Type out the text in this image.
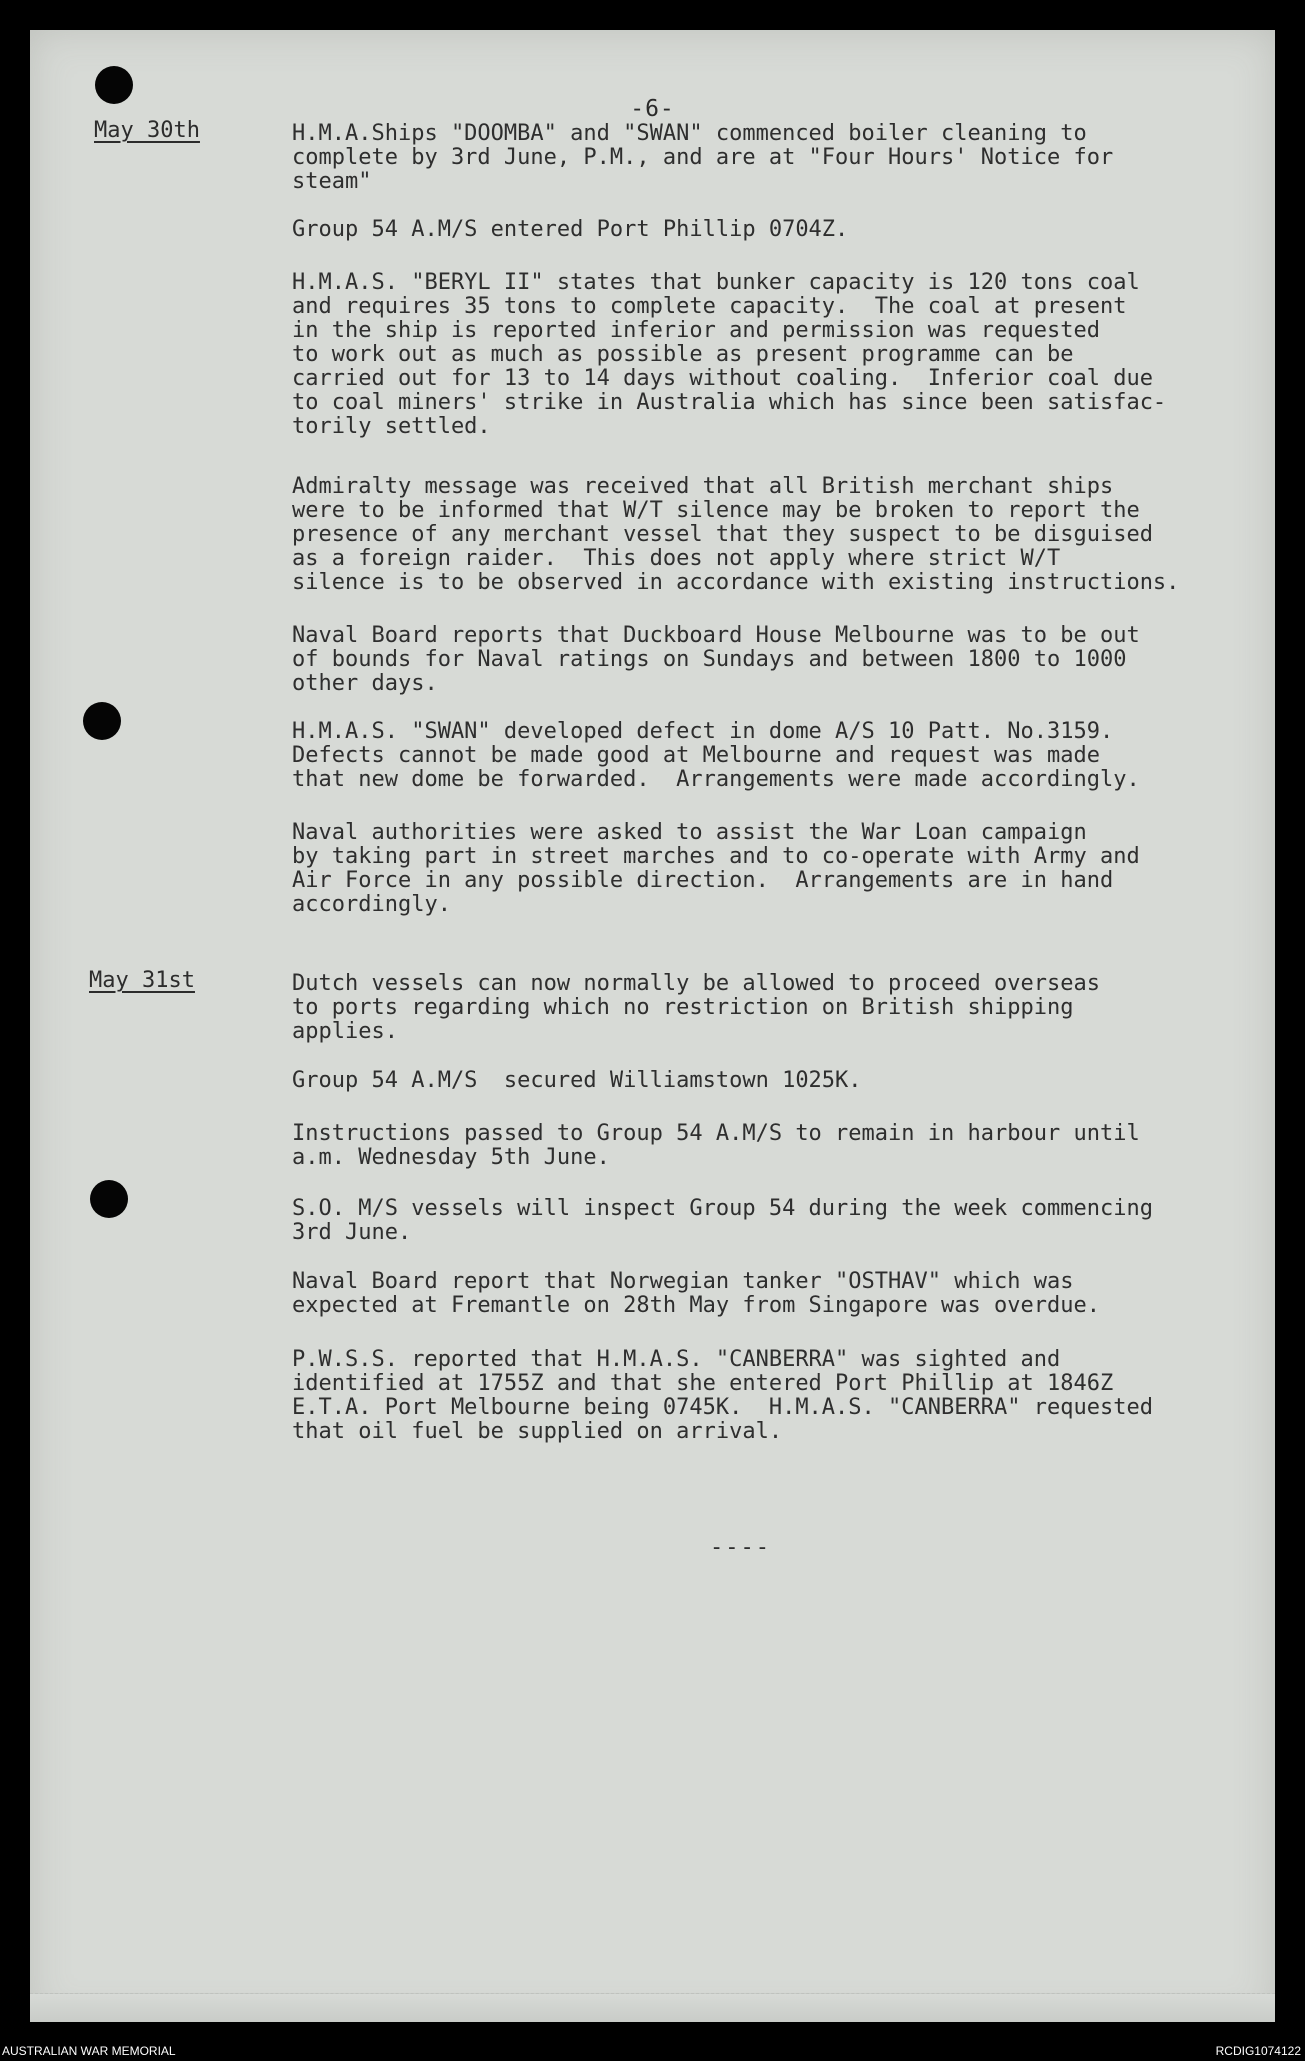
-6-
May 30th	H.M.A.Ships "DOOMBA" and "SWAN" commenced boiler cleaning to
complete by 3rd June, P.M., and are at "Four Hours' Notice for
steam"

Group 54 A.M/S entered Port Phillip 0704Z.

H.M.A.S. "BERYL II" states that bunker capacity is 120 tons coal
and requires 35 tons to complete capacity.  The coal at present
in the ship is reported inferior and permission was requested
to work out as much as possible as present programme can be
carried out for 13 to 14 days without coaling.  Inferior coal due
to coal miners' strike in Australia which has since been satisfac-
torily settled.

Admiralty message was received that all British merchant ships
were to be informed that W/T silence may be broken to report the
presence of any merchant vessel that they suspect to be disguised
as a foreign raider.  This does not apply where strict W/T
silence is to be observed in accordance with existing instructions.

Naval Board reports that Duckboard House Melbourne was to be out
of bounds for Naval ratings on Sundays and between 1800 to 1000
other days.

H.M.A.S. "SWAN" developed defect in dome A/S 10 Patt. No.3159.
Defects cannot be made good at Melbourne and request was made
that new dome be forwarded.  Arrangements were made accordingly.

Naval authorities were asked to assist the War Loan campaign
by taking part in street marches and to co-operate with Army and
Air Force in any possible direction.  Arrangements are in hand
accordingly.

May 31st	Dutch vessels can now normally be allowed to proceed overseas
to ports regarding which no restriction on British shipping
applies.

Group 54 A.M/S  secured Williamstown 1025K.

Instructions passed to Group 54 A.M/S to remain in harbour until
a.m. Wednesday 5th June.

S.O. M/S vessels will inspect Group 54 during the week commencing
3rd June.

Naval Board report that Norwegian tanker "OSTHAV" which was
expected at Fremantle on 28th May from Singapore was overdue.

P.W.S.S. reported that H.M.A.S. "CANBERRA" was sighted and
identified at 1755Z and that she entered Port Phillip at 1846Z
E.T.A. Port Melbourne being 0745K.  H.M.A.S. "CANBERRA" requested
that oil fuel be supplied on arrival.

----
AUSTRALIAN WAR MEMORIAL	RCDIG1074122
